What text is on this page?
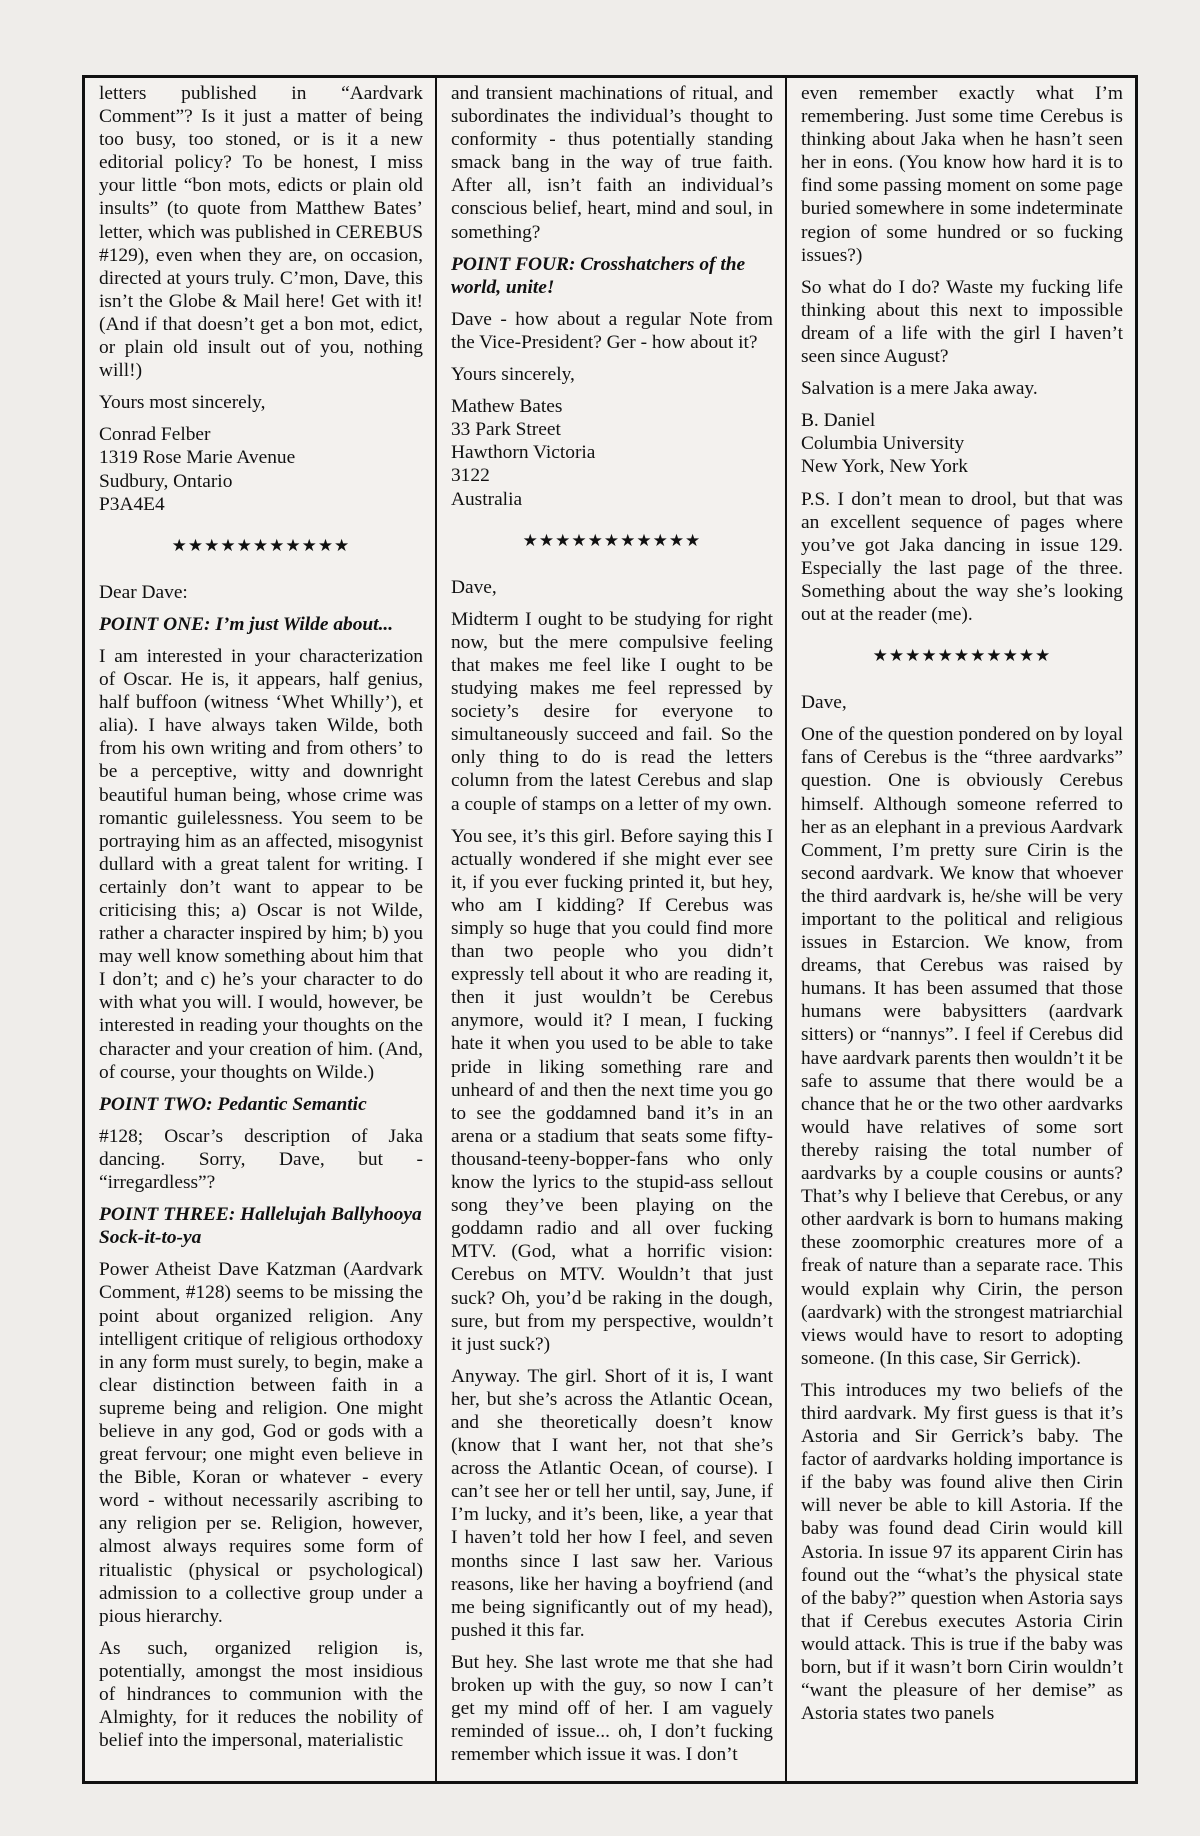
letters published in “Aardvark Comment”? Is it just a matter of being too busy, too stoned, or is it a new editorial policy? To be honest, I miss your little “bon mots, edicts or plain old insults” (to quote from Matthew Bates’ letter, which was published in CEREBUS #129), even when they are, on occasion, directed at yours truly. C’mon, Dave, this isn’t the Globe & Mail here! Get with it! (And if that doesn’t get a bon mot, edict, or plain old insult out of you, nothing will!)

Yours most sincerely,

Conrad Felber

1319 Rose Marie Avenue

Sudbury, Ontario

P3A4E4

★★★★★★★★★★★

Dear Dave:

POINT ONE: I’m just Wilde about...

I am interested in your characterization of Oscar. He is, it appears, half genius, half buffoon (witness ‘Whet Whilly’), et alia). I have always taken Wilde, both from his own writing and from others’ to be a perceptive, witty and downright beautiful human being, whose crime was romantic guilelessness. You seem to be portraying him as an affected, misogynist dullard with a great talent for writing. I certainly don’t want to appear to be criticising this; a) Oscar is not Wilde, rather a character inspired by him; b) you may well know something about him that I don’t; and c) he’s your character to do with what you will. I would, however, be interested in reading your thoughts on the character and your creation of him. (And, of course, your thoughts on Wilde.)

POINT TWO: Pedantic Semantic

#128; Oscar’s description of Jaka dancing. Sorry, Dave, but - “irregardless”?

POINT THREE: Hallelujah Ballyhooya Sock-it-to-ya

Power Atheist Dave Katzman (Aardvark Comment, #128) seems to be missing the point about organized religion. Any intelligent critique of religious orthodoxy in any form must surely, to begin, make a clear distinction between faith in a supreme being and religion. One might believe in any god, God or gods with a great fervour; one might even believe in the Bible, Koran or whatever - every word - without necessarily ascribing to any religion per se. Religion, however, almost always requires some form of ritualistic (physical or psychological) admission to a collective group under a pious hierarchy.

As such, organized religion is, potentially, amongst the most insidious of hindrances to communion with the Almighty, for it reduces the nobility of belief into the impersonal, materialistic

and transient machinations of ritual, and subordinates the individual’s thought to conformity - thus potentially standing smack bang in the way of true faith. After all, isn’t faith an individual’s conscious belief, heart, mind and soul, in something?

POINT FOUR: Crosshatchers of the world, unite!

Dave - how about a regular Note from the Vice-President? Ger - how about it?

Yours sincerely,

Mathew Bates

33 Park Street

Hawthorn Victoria

3122

Australia

★★★★★★★★★★★

Dave,

Midterm I ought to be studying for right now, but the mere compulsive feeling that makes me feel like I ought to be studying makes me feel repressed by society’s desire for everyone to simultaneously succeed and fail. So the only thing to do is read the letters column from the latest Cerebus and slap a couple of stamps on a letter of my own.

You see, it’s this girl. Before saying this I actually wondered if she might ever see it, if you ever fucking printed it, but hey, who am I kidding? If Cerebus was simply so huge that you could find more than two people who you didn’t expressly tell about it who are reading it, then it just wouldn’t be Cerebus anymore, would it? I mean, I fucking hate it when you used to be able to take pride in liking something rare and unheard of and then the next time you go to see the goddamned band it’s in an arena or a stadium that seats some fifty-thousand-teeny-bopper-fans who only know the lyrics to the stupid-ass sellout song they’ve been playing on the goddamn radio and all over fucking MTV. (God, what a horrific vision: Cerebus on MTV. Wouldn’t that just suck? Oh, you’d be raking in the dough, sure, but from my perspective, wouldn’t it just suck?)

Anyway. The girl. Short of it is, I want her, but she’s across the Atlantic Ocean, and she theoretically doesn’t know (know that I want her, not that she’s across the Atlantic Ocean, of course). I can’t see her or tell her until, say, June, if I’m lucky, and it’s been, like, a year that I haven’t told her how I feel, and seven months since I last saw her. Various reasons, like her having a boyfriend (and me being significantly out of my head), pushed it this far.

But hey. She last wrote me that she had broken up with the guy, so now I can’t get my mind off of her. I am vaguely reminded of issue... oh, I don’t fucking remember which issue it was. I don’t

even remember exactly what I’m remembering. Just some time Cerebus is thinking about Jaka when he hasn’t seen her in eons. (You know how hard it is to find some passing moment on some page buried somewhere in some indeterminate region of some hundred or so fucking issues?)

So what do I do? Waste my fucking life thinking about this next to impossible dream of a life with the girl I haven’t seen since August?

Salvation is a mere Jaka away.

B. Daniel

Columbia University

New York, New York

P.S. I don’t mean to drool, but that was an excellent sequence of pages where you’ve got Jaka dancing in issue 129. Especially the last page of the three. Something about the way she’s looking out at the reader (me).

★★★★★★★★★★★

Dave,

One of the question pondered on by loyal fans of Cerebus is the “three aardvarks” question. One is obviously Cerebus himself. Although someone referred to her as an elephant in a previous Aardvark Comment, I’m pretty sure Cirin is the second aardvark. We know that whoever the third aardvark is, he/she will be very important to the political and religious issues in Estarcion. We know, from dreams, that Cerebus was raised by humans. It has been assumed that those humans were babysitters (aardvark sitters) or “nannys”. I feel if Cerebus did have aardvark parents then wouldn’t it be safe to assume that there would be a chance that he or the two other aardvarks would have relatives of some sort thereby raising the total number of aardvarks by a couple cousins or aunts? That’s why I believe that Cerebus, or any other aardvark is born to humans making these zoomorphic creatures more of a freak of nature than a separate race. This would explain why Cirin, the person (aardvark) with the strongest matriarchial views would have to resort to adopting someone. (In this case, Sir Gerrick).

This introduces my two beliefs of the third aardvark. My first guess is that it’s Astoria and Sir Gerrick’s baby. The factor of aardvarks holding importance is if the baby was found alive then Cirin will never be able to kill Astoria. If the baby was found dead Cirin would kill Astoria. In issue 97 its apparent Cirin has found out the “what’s the physical state of the baby?” question when Astoria says that if Cerebus executes Astoria Cirin would attack. This is true if the baby was born, but if it wasn’t born Cirin wouldn’t “want the pleasure of her demise” as Astoria states two panels
